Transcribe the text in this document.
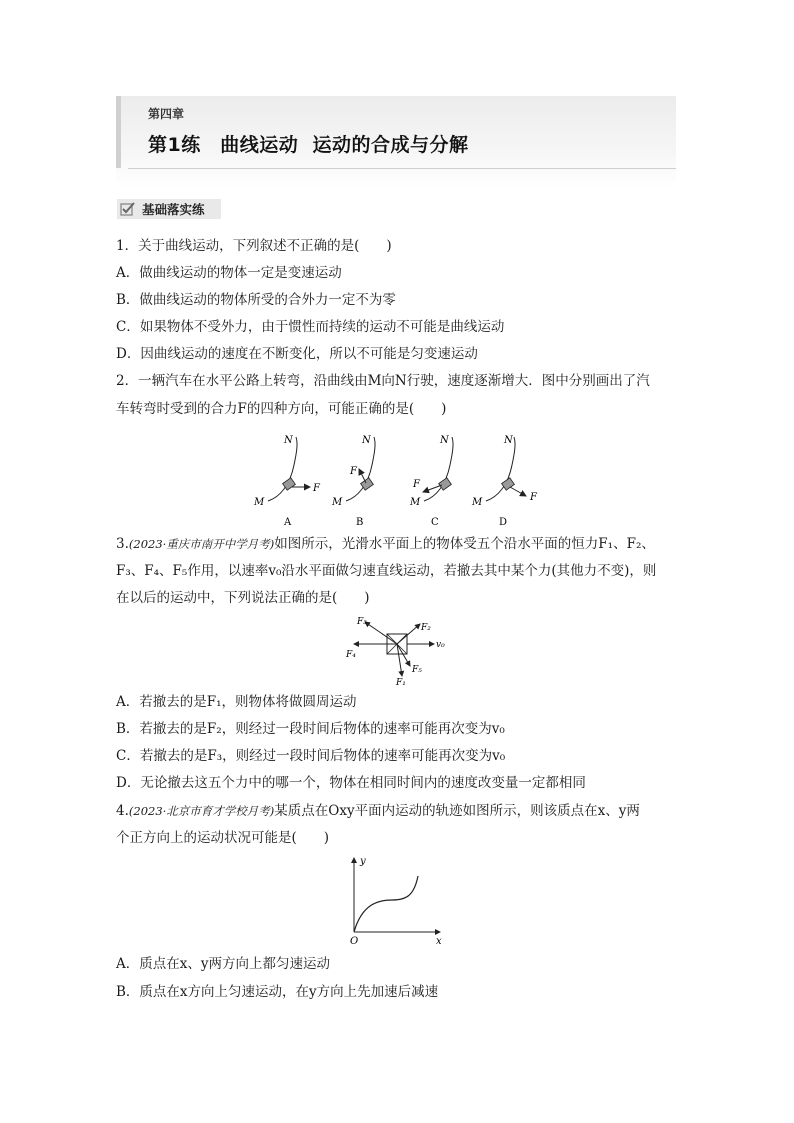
第四章
第1练　曲线运动  运动的合成与分解
基础落实练
1．关于曲线运动，下列叙述不正确的是(　　)
A．做曲线运动的物体一定是变速运动
B．做曲线运动的物体所受的合外力一定不为零
C．如果物体不受外力，由于惯性而持续的运动不可能是曲线运动
D．因曲线运动的速度在不断变化，所以不可能是匀变速运动
2．一辆汽车在水平公路上转弯，沿曲线由M向N行驶，速度逐渐增大．图中分别画出了汽
车转弯时受到的合力F的四种方向，可能正确的是(　　)
F
N
M
A
F
N
M
B
F
N
M
C
F
N
M
D
3.(2023·重庆市南开中学月考)如图所示，光滑水平面上的物体受五个沿水平面的恒力F₁、F₂、
F₃、F₄、F₅作用，以速率v₀沿水平面做匀速直线运动，若撤去其中某个力(其他力不变)，则
在以后的运动中，下列说法正确的是(　　)
F₃
F₂
v₀
F₄
F₅
F₁
A．若撤去的是F₁，则物体将做圆周运动
B．若撤去的是F₂，则经过一段时间后物体的速率可能再次变为v₀
C．若撤去的是F₃，则经过一段时间后物体的速率可能再次变为v₀
D．无论撤去这五个力中的哪一个，物体在相同时间内的速度改变量一定都相同
4.(2023·北京市育才学校月考)某质点在Oxy平面内运动的轨迹如图所示，则该质点在x、y两
个正方向上的运动状况可能是(　　)
y
x
O
A．质点在x、y两方向上都匀速运动
B．质点在x方向上匀速运动，在y方向上先加速后减速
